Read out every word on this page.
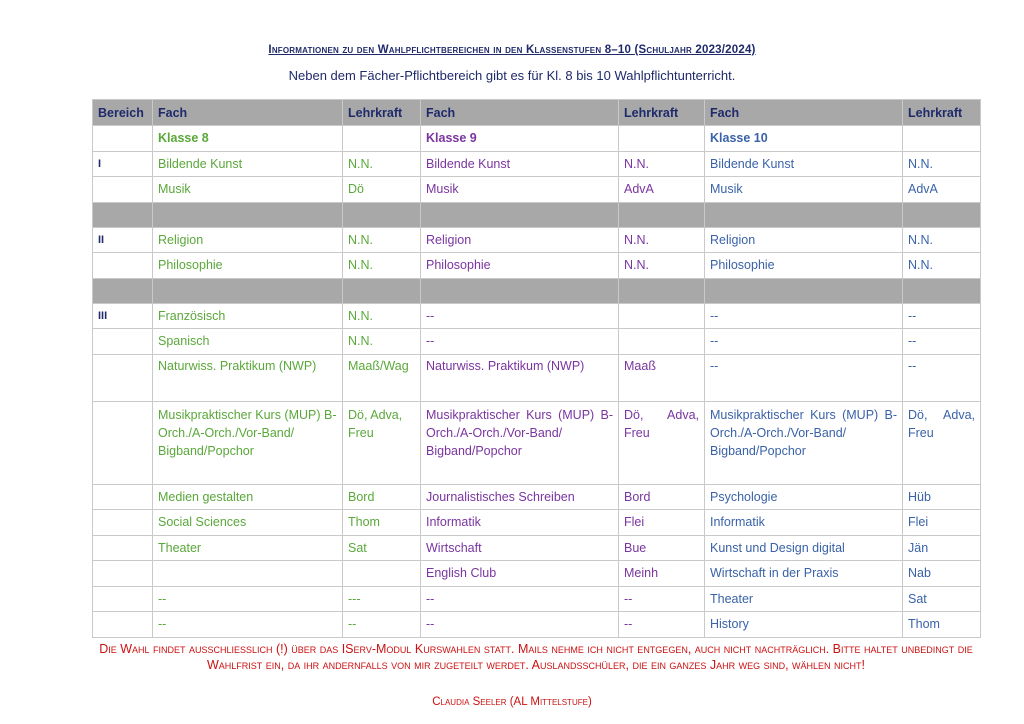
Informationen zu den Wahlpflichtbereichen in den Klassenstufen 8–10 (Schuljahr 2023/2024)
Neben dem Fächer-Pflichtbereich gibt es für Kl. 8 bis 10 Wahlpflichtunterricht.
Bereich	Fach	Lehrkraft	Fach	Lehrkraft	Fach	Lehrkraft
	Klasse 8		Klasse 9		Klasse 10	
I	Bildende Kunst	N.N.	Bildende Kunst	N.N.	Bildende Kunst	N.N.
	Musik	Dö	Musik	AdvA	Musik	AdvA

II	Religion	N.N.	Religion	N.N.	Religion	N.N.
	Philosophie	N.N.	Philosophie	N.N.	Philosophie	N.N.

III	Französisch	N.N.	--		--	--
	Spanisch	N.N.	--		--	--
	Naturwiss. Praktikum (NWP)	Maaß/Wag	Naturwiss. Praktikum (NWP)	Maaß	--	--
	Musikpraktischer Kurs (MUP) B-Orch./A-Orch./Vor-Band/ Bigband/Popchor	Dö, Adva, Freu	Musikpraktischer Kurs (MUP) B-Orch./A-Orch./Vor-Band/ Bigband/Popchor	Dö, Adva, Freu	Musikpraktischer Kurs (MUP) B-Orch./A-Orch./Vor-Band/ Bigband/Popchor	Dö, Adva, Freu
	Medien gestalten	Bord	Journalistisches Schreiben	Bord	Psychologie	Hüb
	Social Sciences	Thom	Informatik	Flei	Informatik	Flei
	Theater	Sat	Wirtschaft	Bue	Kunst und Design digital	Jän
			English Club	Meinh	Wirtschaft in der Praxis	Nab
	--	---	--	--	Theater	Sat
	--	--	--	--	History	Thom
Die Wahl findet ausschließlich (!) über das IServ-Modul Kurswahlen statt. Mails nehme ich nicht entgegen, auch nicht nachträglich. Bitte haltet unbedingt die Wahlfrist ein, da ihr andernfalls von mir zugeteilt werdet. Auslandsschüler, die ein ganzes Jahr weg sind, wählen nicht!
Claudia Seeler (AL Mittelstufe)
